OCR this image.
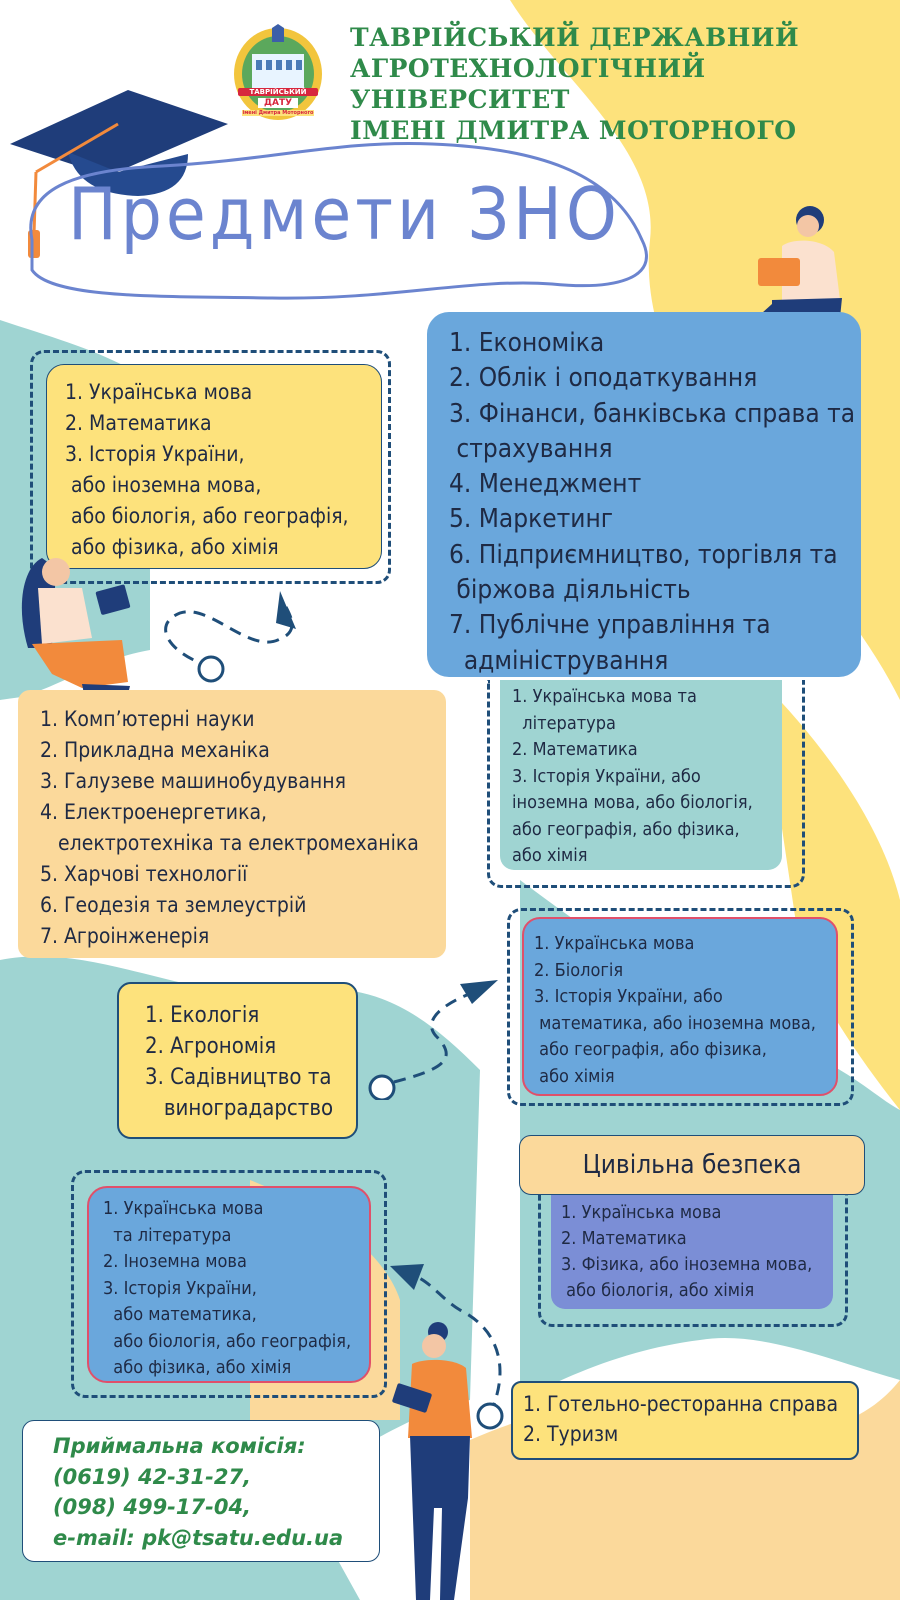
ТАВРІЙСЬКИЙ
ДАТУ
імені Дмитра Моторного
ТАВРІЙСЬКИЙ ДЕРЖАВНИЙ
АГРОТЕХНОЛОГІЧНИЙ УНІВЕРСИТЕТ
ІМЕНІ ДМИТРА МОТОРНОГО
Предмети ЗНО
1. Економіка
2. Облік і оподаткування
3. Фінанси, банківська справа та
страхування
4. Менеджмент
5. Маркетинг
6. Підприємництво, торгівля та
біржова діяльність
7. Публічне управління та
адміністрування
1. Українська мова та
література
2. Математика
3. Історія України, або
іноземна мова, або біологія,
або географія, або фізика,
або хімія
1. Українська мова
2. Математика
3. Історія України,
або іноземна мова,
або біологія, або географія,
або фізика, або хімія
1. Комп’ютерні науки
2. Прикладна механіка
3. Галузеве машинобудування
4. Електроенергетика,
електротехніка та електромеханіка
5. Харчові технології
6. Геодезія та землеустрій
7. Агроінженерія	1. Українська мова
2. Біологія
3. Історія України, або
математика, або іноземна мова,
або географія, або фізика,
або хімія
1. Екологія
2. Агрономія
3. Садівництво та
виноградарство
1. Українська мова
2. Математика
3. Фізика, або іноземна мова,
або біологія, або хімія
Цивільна безпека
1. Українська мова
та література
2. Іноземна мова
3. Історія України,
або математика,
або біологія, або географія,
або фізика, або хімія
1. Готельно-ресторанна справа
2. Туризм
Приймальна комісія:
(0619) 42-31-27,
(098) 499-17-04,
e-mail: pk@tsatu.edu.ua
